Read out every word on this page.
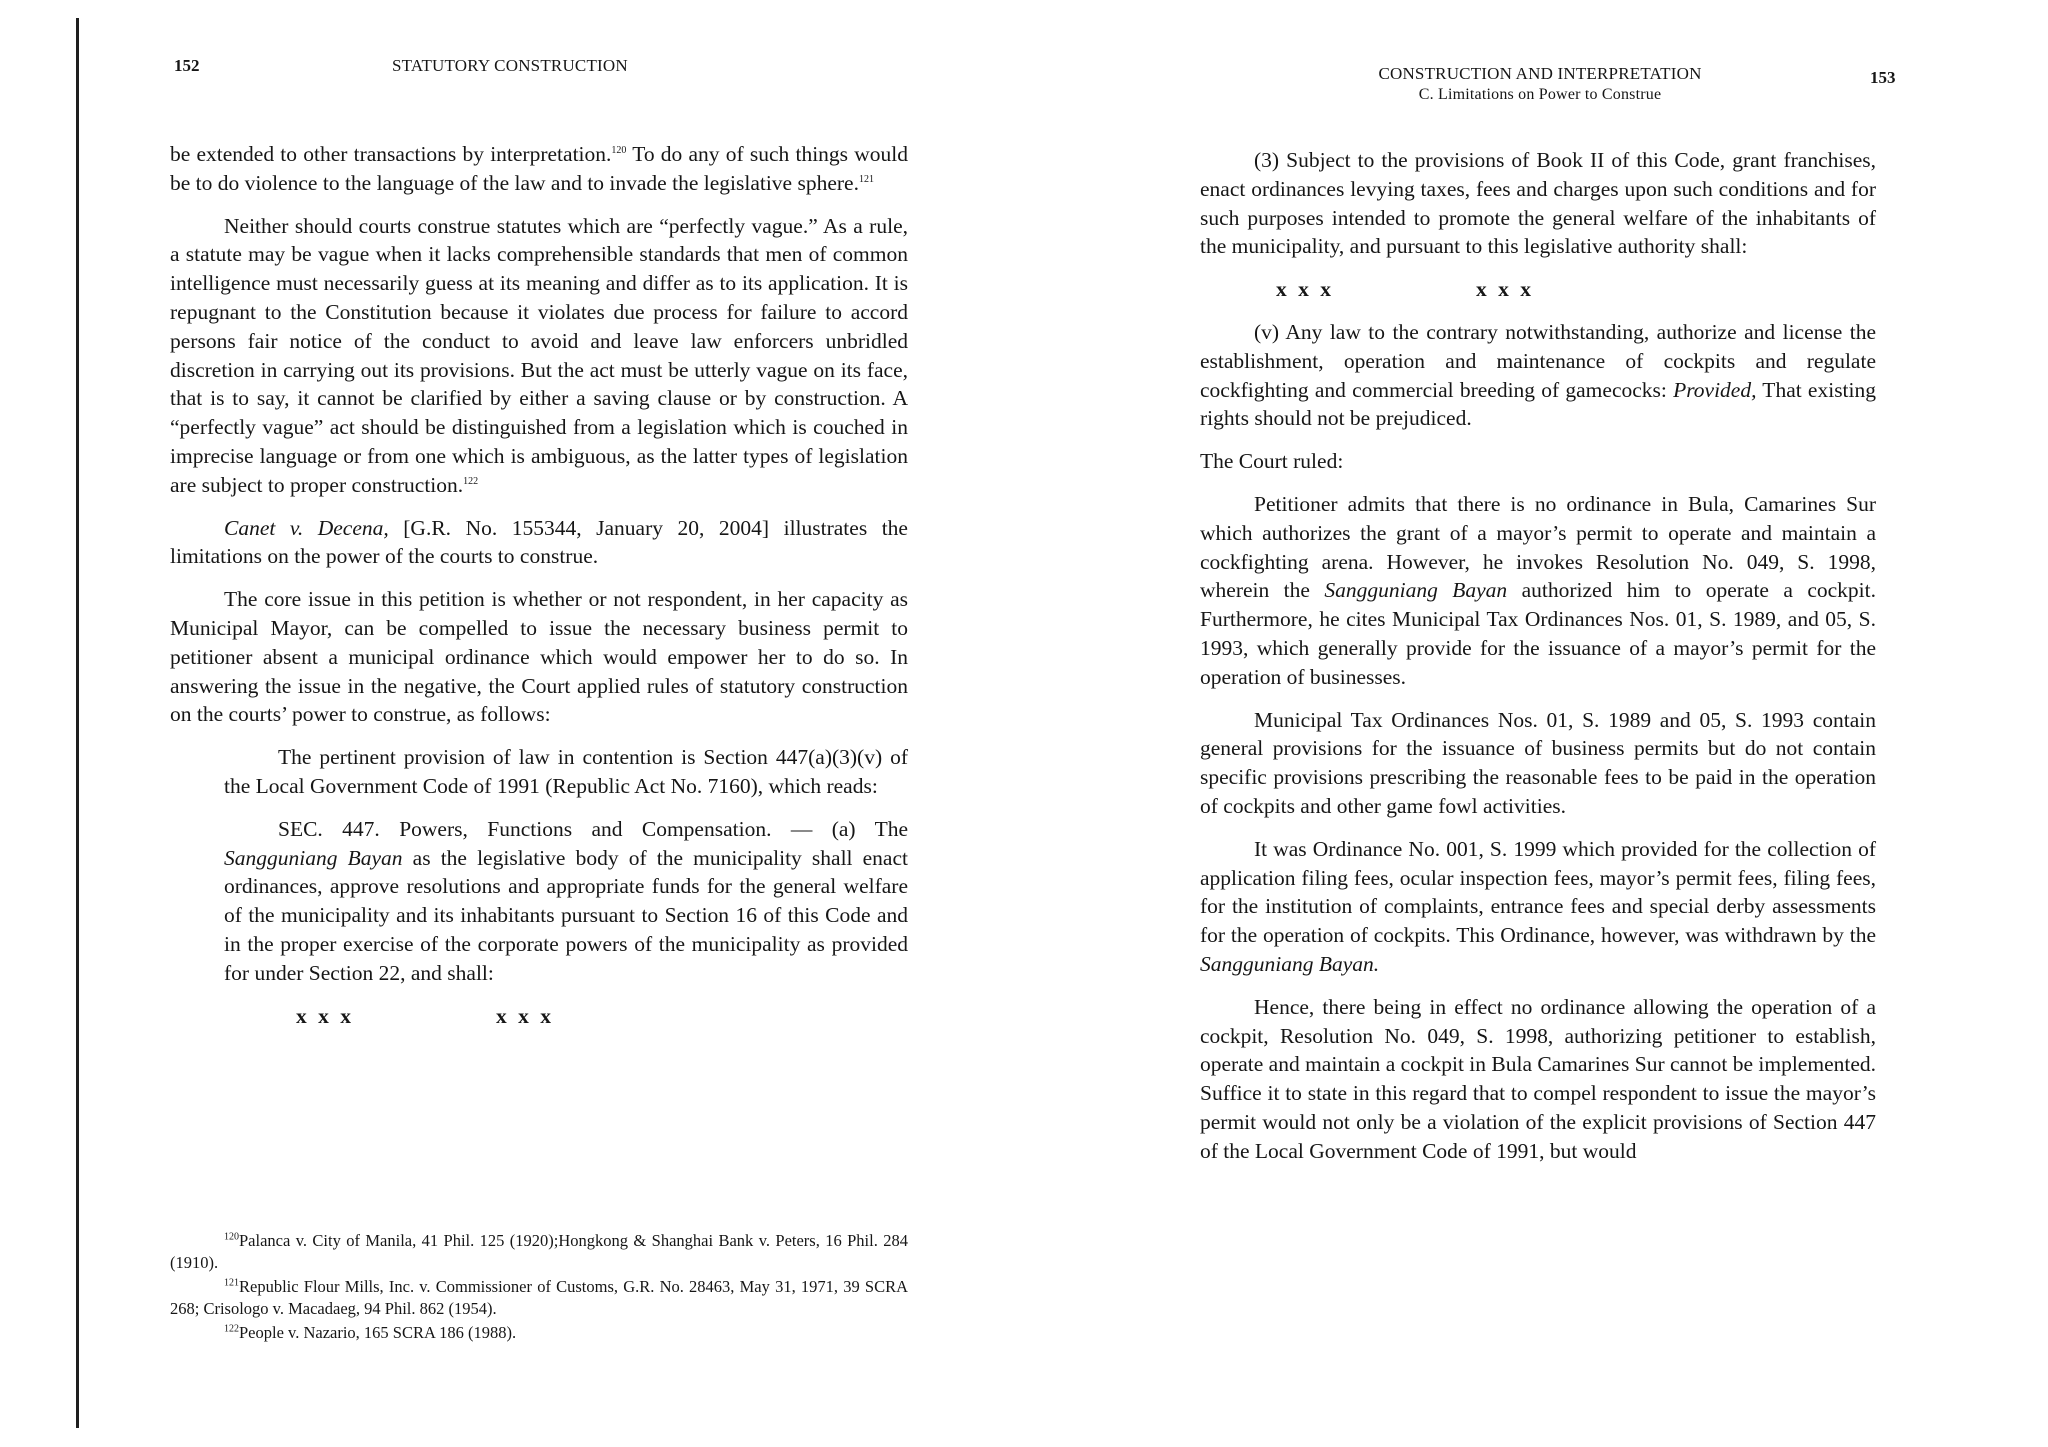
152	STATUTORY CONSTRUCTION

be extended to other transactions by interpretation.$^{120}$ To do any of such things would be to do violence to the language of the law and to invade the legislative sphere.$^{121}$

Neither should courts construe statutes which are “perfectly vague.” As a rule, a statute may be vague when it lacks comprehensible standards that men of common intelligence must necessarily guess at its meaning and differ as to its application. It is repugnant to the Constitution because it violates due process for failure to accord persons fair notice of the conduct to avoid and leave law enforcers unbridled discretion in carrying out its provisions. But the act must be utterly vague on its face, that is to say, it cannot be clarified by either a saving clause or by construction. A “perfectly vague” act should be distinguished from a legislation which is couched in imprecise language or from one which is ambiguous, as the latter types of legislation are subject to proper construction.$^{122}$

Canet v. Decena, [G.R. No. 155344, January 20, 2004] illustrates the limitations on the power of the courts to construe.

The core issue in this petition is whether or not respondent, in her capacity as Municipal Mayor, can be compelled to issue the necessary business permit to petitioner absent a municipal ordinance which would empower her to do so. In answering the issue in the negative, the Court applied rules of statutory construction on the courts’ power to construe, as follows:

The pertinent provision of law in contention is Section 447(a)(3)(v) of the Local Government Code of 1991 (Republic Act No. 7160), which reads:

SEC. 447. Powers, Functions and Compensation. — (a) The Sangguniang Bayan as the legislative body of the municipality shall enact ordinances, approve resolutions and appropriate funds for the general welfare of the municipality and its inhabitants pursuant to Section 16 of this Code and in the proper exercise of the corporate powers of the municipality as provided for under Section 22, and shall:

x x x	x x x

$^{120}$Palanca v. City of Manila, 41 Phil. 125 (1920);Hongkong & Shanghai Bank v. Peters, 16 Phil. 284 (1910).

$^{121}$Republic Flour Mills, Inc. v. Commissioner of Customs, G.R. No. 28463, May 31, 1971, 39 SCRA 268; Crisologo v. Macadaeg, 94 Phil. 862 (1954).

$^{122}$People v. Nazario, 165 SCRA 186 (1988).

CONSTRUCTION AND INTERPRETATION
C. Limitations on Power to Construe
153

(3) Subject to the provisions of Book II of this Code, grant franchises, enact ordinances levying taxes, fees and charges upon such conditions and for such purposes intended to promote the general welfare of the inhabitants of the municipality, and pursuant to this legislative authority shall:

x x x	x x x

(v) Any law to the contrary notwithstanding, authorize and license the establishment, operation and maintenance of cockpits and regulate cockfighting and commercial breeding of gamecocks: Provided, That existing rights should not be prejudiced.

The Court ruled:

Petitioner admits that there is no ordinance in Bula, Camarines Sur which authorizes the grant of a mayor’s permit to operate and maintain a cockfighting arena. However, he invokes Resolution No. 049, S. 1998, wherein the Sangguniang Bayan authorized him to operate a cockpit. Furthermore, he cites Municipal Tax Ordinances Nos. 01, S. 1989, and 05, S. 1993, which generally provide for the issuance of a mayor’s permit for the operation of businesses.

Municipal Tax Ordinances Nos. 01, S. 1989 and 05, S. 1993 contain general provisions for the issuance of business permits but do not contain specific provisions prescribing the reasonable fees to be paid in the operation of cockpits and other game fowl activities.

It was Ordinance No. 001, S. 1999 which provided for the collection of application filing fees, ocular inspection fees, mayor’s permit fees, filing fees, for the institution of complaints, entrance fees and special derby assessments for the operation of cockpits. This Ordinance, however, was withdrawn by the Sangguniang Bayan.

Hence, there being in effect no ordinance allowing the operation of a cockpit, Resolution No. 049, S. 1998, authorizing petitioner to establish, operate and maintain a cockpit in Bula Camarines Sur cannot be implemented. Suffice it to state in this regard that to compel respondent to issue the mayor’s permit would not only be a violation of the explicit provisions of Section 447 of the Local Government Code of 1991, but would
